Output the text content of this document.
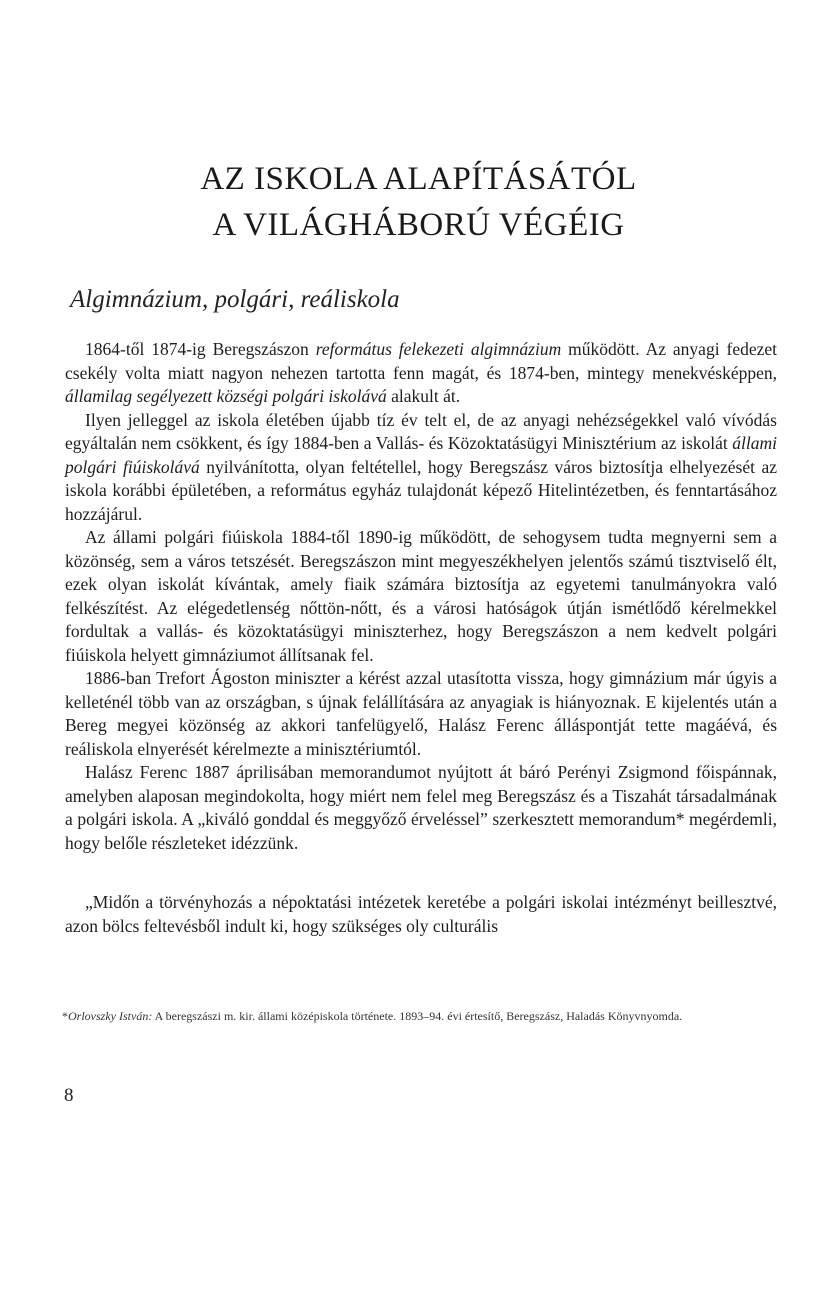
AZ ISKOLA ALAPÍTÁSÁTÓL
A VILÁGHÁBORÚ VÉGÉIG
Algimnázium, polgári, reáliskola

1864-től 1874-ig Beregszászon református felekezeti algimnázium működött. Az anyagi fedezet csekély volta miatt nagyon nehezen tartotta fenn magát, és 1874-ben, mintegy menekvésképpen, államilag segélyezett községi polgári iskolává alakult át.

Ilyen jelleggel az iskola életében újabb tíz év telt el, de az anyagi nehézségekkel való vívódás egyáltalán nem csökkent, és így 1884-ben a Vallás- és Közoktatásügyi Minisztérium az iskolát állami polgári fiúiskolává nyilvánította, olyan feltétellel, hogy Beregszász város biztosítja elhelyezését az iskola korábbi épületében, a református egyház tulajdonát képező Hitelintézetben, és fenntartásához hozzájárul.

Az állami polgári fiúiskola 1884-től 1890-ig működött, de sehogysem tudta megnyerni sem a közönség, sem a város tetszését. Beregszászon mint megyeszékhelyen jelentős számú tisztviselő élt, ezek olyan iskolát kívántak, amely fiaik számára biztosítja az egyetemi tanulmányokra való felkészítést. Az elégedetlenség nőttön-nőtt, és a városi hatóságok útján ismétlődő kérelmekkel fordultak a vallás- és közoktatásügyi miniszterhez, hogy Beregszászon a nem kedvelt polgári fiúiskola helyett gimnáziumot állítsanak fel.

1886-ban Trefort Ágoston miniszter a kérést azzal utasította vissza, hogy gimnázium már úgyis a kelleténél több van az országban, s újnak felállítására az anyagiak is hiányoznak. E kijelentés után a Bereg megyei közönség az akkori tanfelügyelő, Halász Ferenc álláspontját tette magáévá, és reáliskola elnyerését kérelmezte a minisztériumtól.

Halász Ferenc 1887 áprilisában memorandumot nyújtott át báró Perényi Zsigmond főispánnak, amelyben alaposan megindokolta, hogy miért nem felel meg Beregszász és a Tiszahát társadalmának a polgári iskola. A „kiváló gonddal és meggyőző érveléssel” szerkesztett memorandum* megérdemli, hogy belőle részleteket idézzünk.

„Midőn a törvényhozás a népoktatási intézetek keretébe a polgári iskolai intézményt beillesztvé, azon bölcs feltevésből indult ki, hogy szükséges oly culturális

*Orlovszky István: A beregszászi m. kir. állami középiskola története. 1893–94. évi értesítő, Beregszász, Haladás Könyvnyomda.
8
